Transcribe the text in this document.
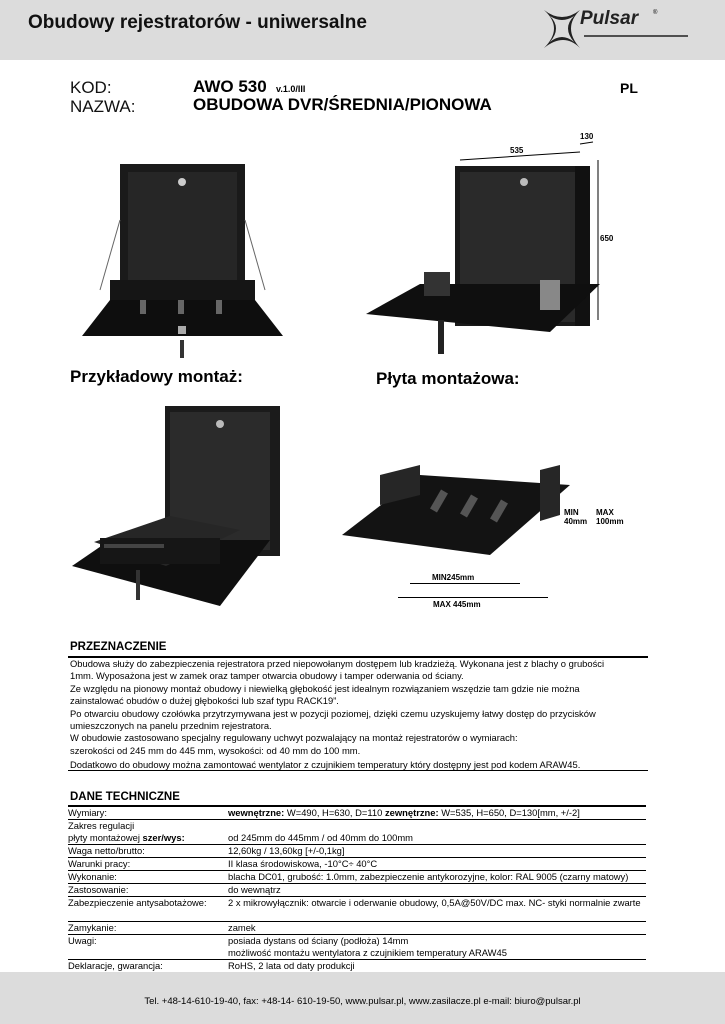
Obudowy rejestratorów - uniwersalne	Pulsar ®
KOD:
NAZWA:
AWO 530 v.1.0/III
OBUDOWA DVR/ŚREDNIA/PIONOWA
PL
535
130
650
Przykładowy montaż:	Płyta montażowa:
MIN
40mm
MAX
100mm
MIN245mm
MAX 445mm
PRZEZNACZENIE
Obudowa służy do zabezpieczenia rejestratora przed niepowołanym dostępem lub kradzieżą. Wykonana jest z blachy o grubości
1mm. Wyposażona jest w zamek oraz tamper otwarcia obudowy i tamper oderwania od ściany.
Ze względu na pionowy montaż obudowy i niewielką głębokość jest idealnym rozwiązaniem wszędzie tam gdzie nie można
zainstalować obudów o dużej głębokości lub szaf typu RACK19”.
Po otwarciu obudowy czołówka przytrzymywana jest w pozycji poziomej, dzięki czemu uzyskujemy łatwy dostęp do przycisków
umieszczonych na panelu przednim rejestratora.
W obudowie zastosowano specjalny regulowany uchwyt pozwalający na montaż rejestratorów o wymiarach:
szerokości od 245 mm do 445 mm, wysokości: od 40 mm do 100 mm.
Dodatkowo do obudowy można zamontować wentylator z czujnikiem temperatury który dostępny jest pod kodem ARAW45.
DANE TECHNICZNE
Wymiary:	wewnętrzne: W=490, H=630, D=110 zewnętrzne: W=535, H=650, D=130[mm, +/-2]
Zakres regulacji
płyty montażowej szer/wys:	od 245mm do 445mm / od 40mm do 100mm
Waga netto/brutto:	12,60kg / 13,60kg [+/-0,1kg]
Warunki pracy:	II klasa środowiskowa, -10°C÷ 40°C
Wykonanie:	blacha DC01, grubość: 1.0mm, zabezpieczenie antykorozyjne, kolor: RAL 9005 (czarny matowy)
Zastosowanie:	do wewnątrz
Zabezpieczenie antysabotażowe:	2 x mikrowyłącznik: otwarcie i oderwanie obudowy, 0,5A@50V/DC max. NC- styki normalnie zwarte
Zamykanie:	zamek
Uwagi:	posiada dystans od ściany (podłoża) 14mm
możliwość montażu wentylatora z czujnikiem temperatury ARAW45
Deklaracje, gwarancja:	RoHS, 2 lata od daty produkcji
Tel. +48-14-610-19-40, fax: +48-14- 610-19-50, www.pulsar.pl, www.zasilacze.pl e-mail: biuro@pulsar.pl
